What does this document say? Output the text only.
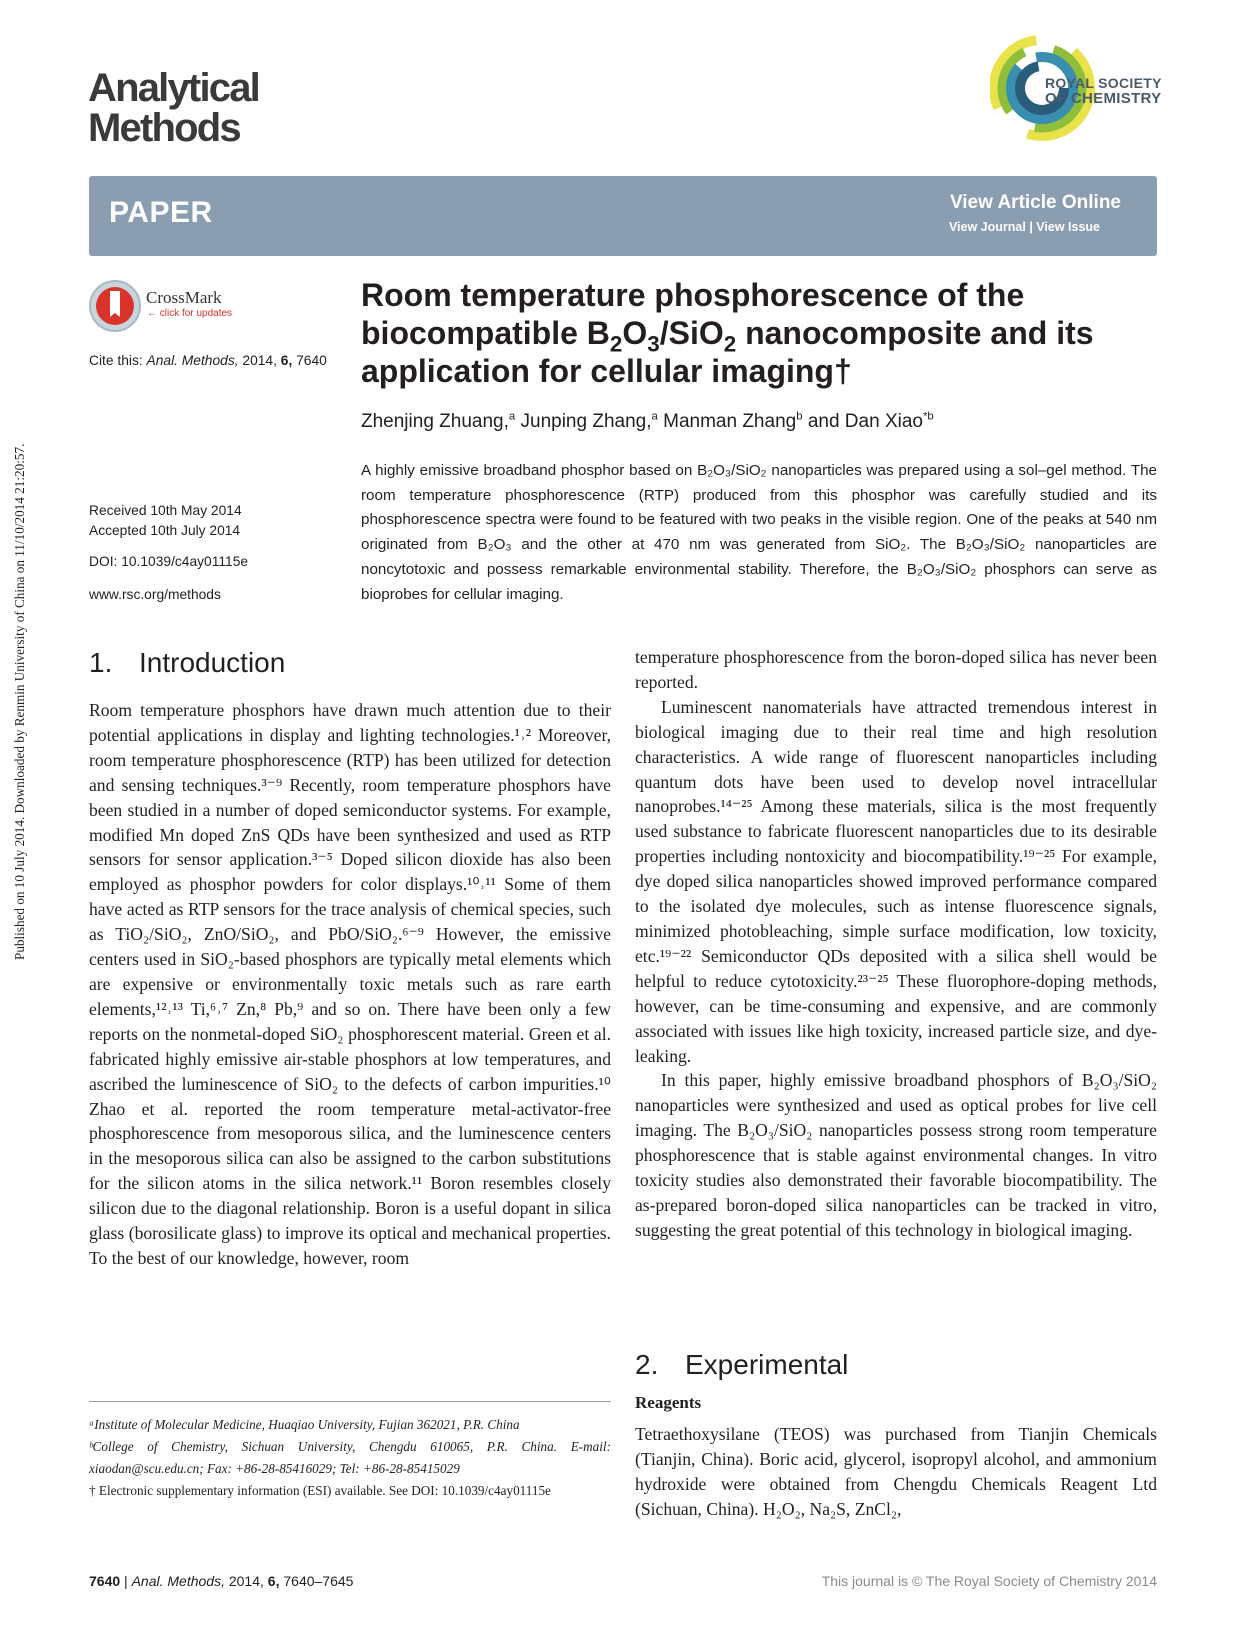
Published on 10 July 2014. Downloaded by Renmin University of China on 11/10/2014 21:20:57.
Analytical
Methods
ROYAL SOCIETY
OF CHEMISTRY
PAPER	View Article Online
View Journal | View Issue
CrossMark
← click for updates
Cite this: Anal. Methods, 2014, 6, 7640
Received 10th May 2014
Accepted 10th July 2014
DOI: 10.1039/c4ay01115e
www.rsc.org/methods
Room temperature phosphorescence of the
biocompatible $B_2O_3/SiO_2$ nanocomposite and its
application for cellular imaging†
Zhenjing Zhuang,$^a$ Junping Zhang,$^a$ Manman Zhang$^b$ and Dan Xiao$^{*b}$
A highly emissive broadband phosphor based on B₂O₃/SiO₂ nanoparticles was prepared using a sol–gel method. The room temperature phosphorescence (RTP) produced from this phosphor was carefully studied and its phosphorescence spectra were found to be featured with two peaks in the visible region. One of the peaks at 540 nm originated from B₂O₃ and the other at 470 nm was generated from SiO₂. The B₂O₃/SiO₂ nanoparticles are noncytotoxic and possess remarkable environmental stability. Therefore, the B₂O₃/SiO₂ phosphors can serve as bioprobes for cellular imaging.
1. Introduction

Room temperature phosphors have drawn much attention due to their potential applications in display and lighting technologies.¹˒² Moreover, room temperature phosphorescence (RTP) has been utilized for detection and sensing techniques.³⁻⁹ Recently, room temperature phosphors have been studied in a number of doped semiconductor systems. For example, modified Mn doped ZnS QDs have been synthesized and used as RTP sensors for sensor application.³⁻⁵ Doped silicon dioxide has also been employed as phosphor powders for color displays.¹⁰˒¹¹ Some of them have acted as RTP sensors for the trace analysis of chemical species, such as TiO₂/SiO₂, ZnO/SiO₂, and PbO/SiO₂.⁶⁻⁹ However, the emissive centers used in SiO₂-based phosphors are typically metal elements which are expensive or environmentally toxic metals such as rare earth elements,¹²˒¹³ Ti,⁶˒⁷ Zn,⁸ Pb,⁹ and so on. There have been only a few reports on the nonmetal-doped SiO₂ phosphorescent material. Green et al. fabricated highly emissive air-stable phosphors at low temperatures, and ascribed the luminescence of SiO₂ to the defects of carbon impurities.¹⁰ Zhao et al. reported the room temperature metal-activator-free phosphorescence from mesoporous silica, and the luminescence centers in the mesoporous silica can also be assigned to the carbon substitutions for the silicon atoms in the silica network.¹¹ Boron resembles closely silicon due to the diagonal relationship. Boron is a useful dopant in silica glass (borosilicate glass) to improve its optical and mechanical properties. To the best of our knowledge, however, room

temperature phosphorescence from the boron-doped silica has never been reported.

Luminescent nanomaterials have attracted tremendous interest in biological imaging due to their real time and high resolution characteristics. A wide range of fluorescent nanoparticles including quantum dots have been used to develop novel intracellular nanoprobes.¹⁴⁻²⁵ Among these materials, silica is the most frequently used substance to fabricate fluorescent nanoparticles due to its desirable properties including nontoxicity and biocompatibility.¹⁹⁻²⁵ For example, dye doped silica nanoparticles showed improved performance compared to the isolated dye molecules, such as intense fluorescence signals, minimized photobleaching, simple surface modification, low toxicity, etc.¹⁹⁻²² Semiconductor QDs deposited with a silica shell would be helpful to reduce cytotoxicity.²³⁻²⁵ These fluorophore-doping methods, however, can be time-consuming and expensive, and are commonly associated with issues like high toxicity, increased particle size, and dye-leaking.

In this paper, highly emissive broadband phosphors of B₂O₃/SiO₂ nanoparticles were synthesized and used as optical probes for live cell imaging. The B₂O₃/SiO₂ nanoparticles possess strong room temperature phosphorescence that is stable against environmental changes. In vitro toxicity studies also demonstrated their favorable biocompatibility. The as-prepared boron-doped silica nanoparticles can be tracked in vitro, suggesting the great potential of this technology in biological imaging.

2. Experimental
Reagents
Tetraethoxysilane (TEOS) was purchased from Tianjin Chemicals (Tianjin, China). Boric acid, glycerol, isopropyl alcohol, and ammonium hydroxide were obtained from Chengdu Chemicals Reagent Ltd (Sichuan, China). H₂O₂, Na₂S, ZnCl₂,

ᵃInstitute of Molecular Medicine, Huaqiao University, Fujian 362021, P.R. China

ᵇCollege of Chemistry, Sichuan University, Chengdu 610065, P.R. China. E-mail: xiaodan@scu.edu.cn; Fax: +86-28-85416029; Tel: +86-28-85415029

† Electronic supplementary information (ESI) available. See DOI: 10.1039/c4ay01115e

7640 | Anal. Methods, 2014, 6, 7640–7645	This journal is © The Royal Society of Chemistry 2014
